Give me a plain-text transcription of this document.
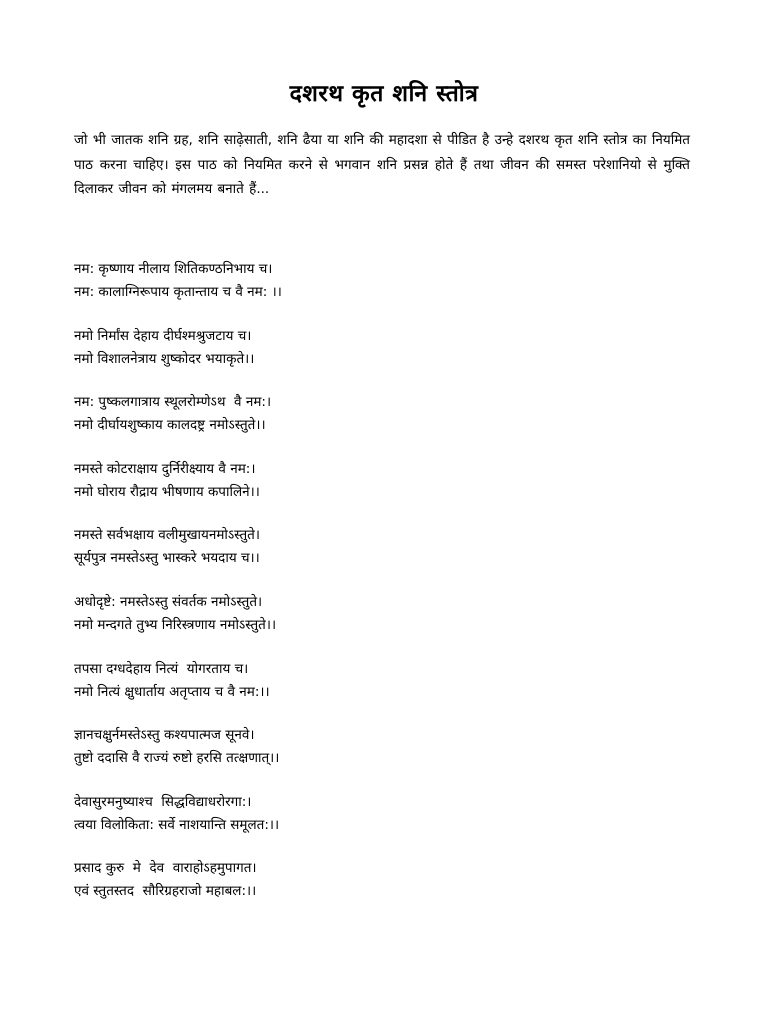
दशरथ कृत शनि स्तोत्र
जो भी जातक शनि ग्रह, शनि साढ़ेसाती, शनि ढैया या शनि की महादशा से पीडित है उन्हे दशरथ कृत शनि स्तोत्र का नियमित पाठ करना चाहिए। इस पाठ को नियमित करने से भगवान शनि प्रसन्न होते हैं तथा जीवन की समस्त परेशानियो से मुक्ति दिलाकर जीवन को मंगलमय बनाते हैं...
नम: कृष्णाय नीलाय शितिकण्ठनिभाय च।
नम: कालाग्निरूपाय कृतान्ताय च वै नम: ।।
नमो निर्मांस देहाय दीर्घश्मश्रुजटाय च।
नमो विशालनेत्राय शुष्कोदर भयाकृते।।
नम: पुष्कलगात्राय स्थूलरोम्णेऽथ  वै नम:।
नमो दीर्घायशुष्काय कालदष्ट्र नमोऽस्तुते।।
नमस्ते कोटराक्षाय दुर्निरीक्ष्याय वै नम:।
नमो घोराय रौद्राय भीषणाय कपालिने।।
नमस्ते सर्वभक्षाय वलीमुखायनमोऽस्तुते।
सूर्यपुत्र नमस्तेऽस्तु भास्करे भयदाय च।।
अधोदृष्टे: नमस्तेऽस्तु संवर्तक नमोऽस्तुते।
नमो मन्दगते तुभ्य निरिस्त्रणाय नमोऽस्तुते।।
तपसा दग्धदेहाय नित्यं  योगरताय च।
नमो नित्यं क्षुधार्ताय अतृप्ताय च वै नम:।।
ज्ञानचक्षुर्नमस्तेऽस्तु कश्यपात्मज सूनवे।
तुष्टो ददासि वै राज्यं रुष्टो हरसि तत्क्षणात्।।
देवासुरमनुष्याश्च  सिद्धविद्याधरोरगा:।
त्वया विलोकिता: सर्वे नाशयान्ति समूलत:।।
प्रसाद कुरु  मे  देव  वाराहोऽहमुपागत।
एवं स्तुतस्तद  सौरिग्रहराजो महाबल:।।
